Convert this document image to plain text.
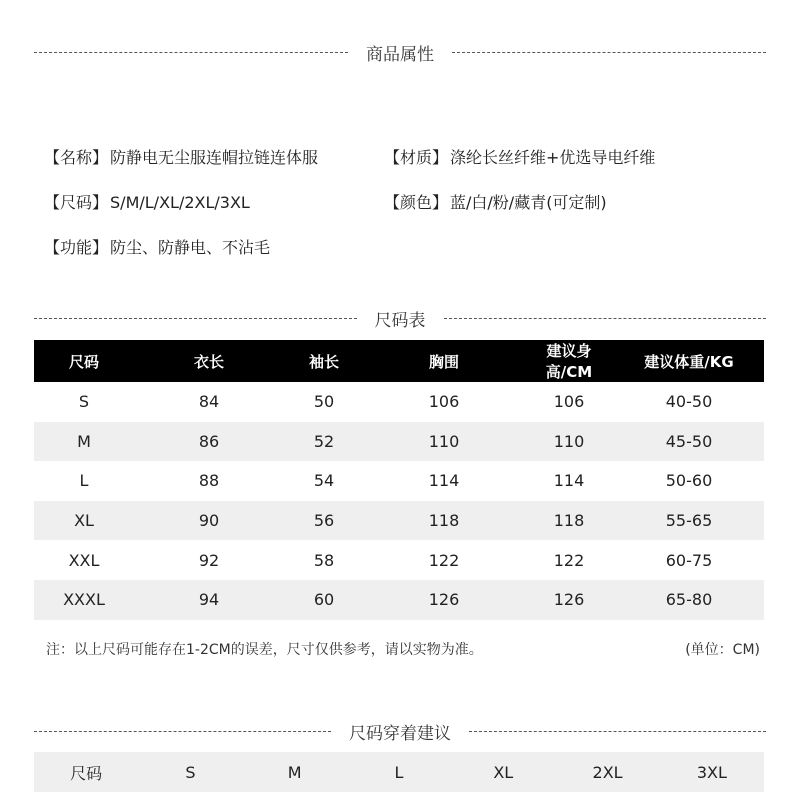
商品属性
【名称】 防静电无尘服连帽拉链连体服	【材质】 涤纶长丝纤维+优选导电纤维
【尺码】 S/M/L/XL/2XL/3XL	【颜色】 蓝/白/粉/藏青(可定制)
【功能】 防尘、防静电、不沾毛
尺码表
尺码	衣长	袖长	胸围	建议身高/CM	建议体重/KG
S	84	50	106	106	40-50
M	86	52	110	110	45-50
L	88	54	114	114	50-60
XL	90	56	118	118	55-65
XXL	92	58	122	122	60-75
XXXL	94	60	126	126	65-80
注：以上尺码可能存在1-2CM的误差，尺寸仅供参考，请以实物为准。	(单位：CM)
尺码穿着建议
尺码	S	M	L	XL	2XL	3XL
